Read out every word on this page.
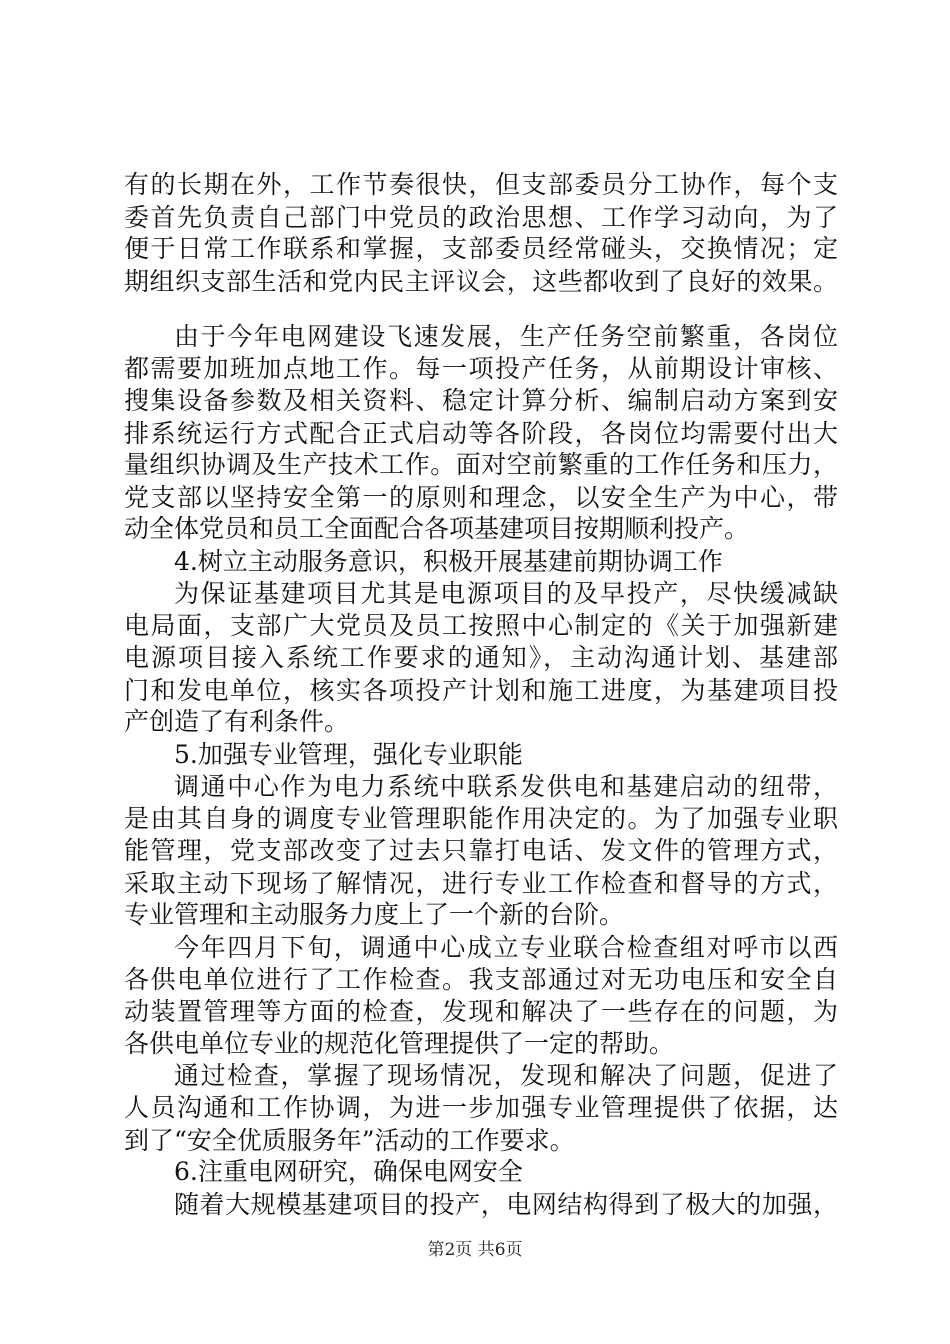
有的长期在外，工作节奏很快，但支部委员分工协作，每个支
委首先负责自己部门中党员的政治思想、工作学习动向，为了
便于日常工作联系和掌握，支部委员经常碰头，交换情况；定
期组织支部生活和党内民主评议会，这些都收到了良好的效果。
由于今年电网建设飞速发展，生产任务空前繁重，各岗位
都需要加班加点地工作。每一项投产任务，从前期设计审核、
搜集设备参数及相关资料、稳定计算分析、编制启动方案到安
排系统运行方式配合正式启动等各阶段，各岗位均需要付出大
量组织协调及生产技术工作。面对空前繁重的工作任务和压力，
党支部以坚持安全第一的原则和理念，以安全生产为中心，带
动全体党员和员工全面配合各项基建项目按期顺利投产。
4.树立主动服务意识，积极开展基建前期协调工作
为保证基建项目尤其是电源项目的及早投产，尽快缓减缺
电局面，支部广大党员及员工按照中心制定的《关于加强新建
电源项目接入系统工作要求的通知》，主动沟通计划、基建部
门和发电单位，核实各项投产计划和施工进度，为基建项目投
产创造了有利条件。
5.加强专业管理，强化专业职能
调通中心作为电力系统中联系发供电和基建启动的纽带，
是由其自身的调度专业管理职能作用决定的。为了加强专业职
能管理，党支部改变了过去只靠打电话、发文件的管理方式，
采取主动下现场了解情况，进行专业工作检查和督导的方式，
专业管理和主动服务力度上了一个新的台阶。
今年四月下旬，调通中心成立专业联合检查组对呼市以西
各供电单位进行了工作检查。我支部通过对无功电压和安全自
动装置管理等方面的检查，发现和解决了一些存在的问题，为
各供电单位专业的规范化管理提供了一定的帮助。
通过检查，掌握了现场情况，发现和解决了问题，促进了
人员沟通和工作协调，为进一步加强专业管理提供了依据，达
到了“安全优质服务年”活动的工作要求。
6.注重电网研究，确保电网安全
随着大规模基建项目的投产，电网结构得到了极大的加强，
第2页 共6页
